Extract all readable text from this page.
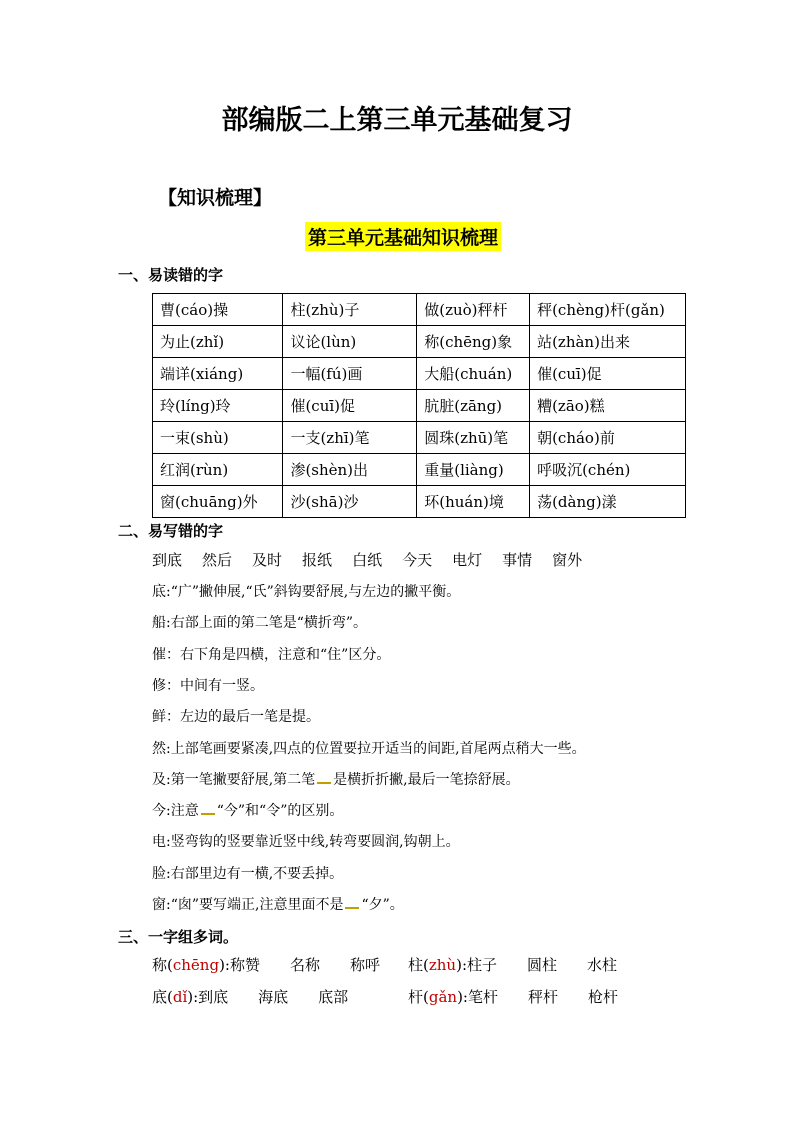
部编版二上第三单元基础复习
【知识梳理】
第三单元基础知识梳理
一、易读错的字
曹(cáo)操	柱(zhù)子	做(zuò)秤杆	秤(chèng)杆(gǎn)
为止(zhǐ)	议论(lùn)	称(chēng)象	站(zhàn)出来
端详(xiáng)	一幅(fú)画	大船(chuán)	催(cuī)促
玲(líng)玲	催(cuī)促	肮脏(zāng)	糟(zāo)糕
一束(shù)	一支(zhī)笔	圆珠(zhū)笔	朝(cháo)前
红润(rùn)	渗(shèn)出	重量(liàng)	呼吸沉(chén)
窗(chuāng)外	沙(shā)沙	环(huán)境	荡(dàng)漾
二、易写错的字
到底 然后 及时 报纸 白纸 今天 电灯 事情 窗外
底:“广”撇伸展,“氏”斜钩要舒展,与左边的撇平衡。
船:右部上面的第二笔是“横折弯”。
催：右下角是四横，注意和“住”区分。
修：中间有一竖。
鲜：左边的最后一笔是提。
然:上部笔画要紧凑,四点的位置要拉开适当的间距,首尾两点稍大一些。
及:第一笔撇要舒展,第二笔 是横折折撇,最后一笔捺舒展。
今:注意 “今”和“令”的区别。
电:竖弯钩的竖要靠近竖中线,转弯要圆润,钩朝上。
脸:右部里边有一横,不要丢掉。
窗:“囱”要写端正,注意里面不是 “夕”。
三、一字组多词。
称(chēng):称赞　　名称　　称呼 柱(zhù):柱子　　圆柱　　水柱
底(dǐ):到底　　海底　　底部	杆(gǎn):笔杆　　秤杆　　枪杆
